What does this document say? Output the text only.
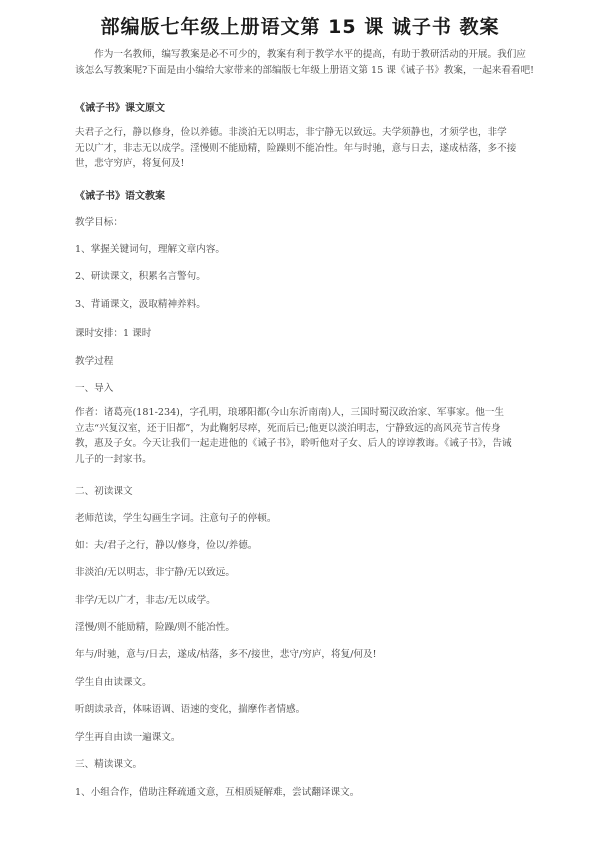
部编版七年级上册语文第 15 课 诚子书 教案
　　作为一名教师，编写教案是必不可少的，教案有利于教学水平的提高，有助于教研活动的开展。我们应
该怎么写教案呢?下面是由小编给大家带来的部编版七年级上册语文第 15 课《诫子书》教案，一起来看看吧!
《诫子书》课文原文
夫君子之行，静以修身，俭以养德。非淡泊无以明志，非宁静无以致远。夫学须静也，才须学也，非学
无以广才，非志无以成学。淫慢则不能励精，险躁则不能冶性。年与时驰，意与日去，遂成枯落，多不接
世，悲守穷庐，将复何及!
《诫子书》语文教案
教学目标：
1、掌握关键词句，理解文章内容。
2、研读课文，积累名言警句。
3、背诵课文，汲取精神养料。
课时安排：1 课时
教学过程
一、导入
作者：诸葛亮(181-234)，字孔明，琅琊阳都(今山东沂南南)人，三国时蜀汉政治家、军事家。他一生
立志“兴复汉室，还于旧都”，为此鞠躬尽瘁，死而后已;他更以淡泊明志，宁静致远的高风亮节言传身
教，惠及子女。今天让我们一起走进他的《诫子书》，聆听他对子女、后人的谆谆教诲。《诫子书》，告诫
儿子的一封家书。
二、初读课文
老师范读，学生勾画生字词。注意句子的停顿。
如：夫/君子之行，静以/修身，俭以/养德。
非淡泊/无以明志，非宁静/无以致远。
非学/无以广才，非志/无以成学。
淫慢/则不能励精，险躁/则不能冶性。
年与/时驰，意与/日去，遂成/枯落，多不/接世，悲守/穷庐，将复/何及!
学生自由读课文。
听朗读录音，体味语调、语速的变化，揣摩作者情感。
学生再自由读一遍课文。
三、精读课文。
1、小组合作，借助注释疏通文意，互相质疑解难，尝试翻译课文。
